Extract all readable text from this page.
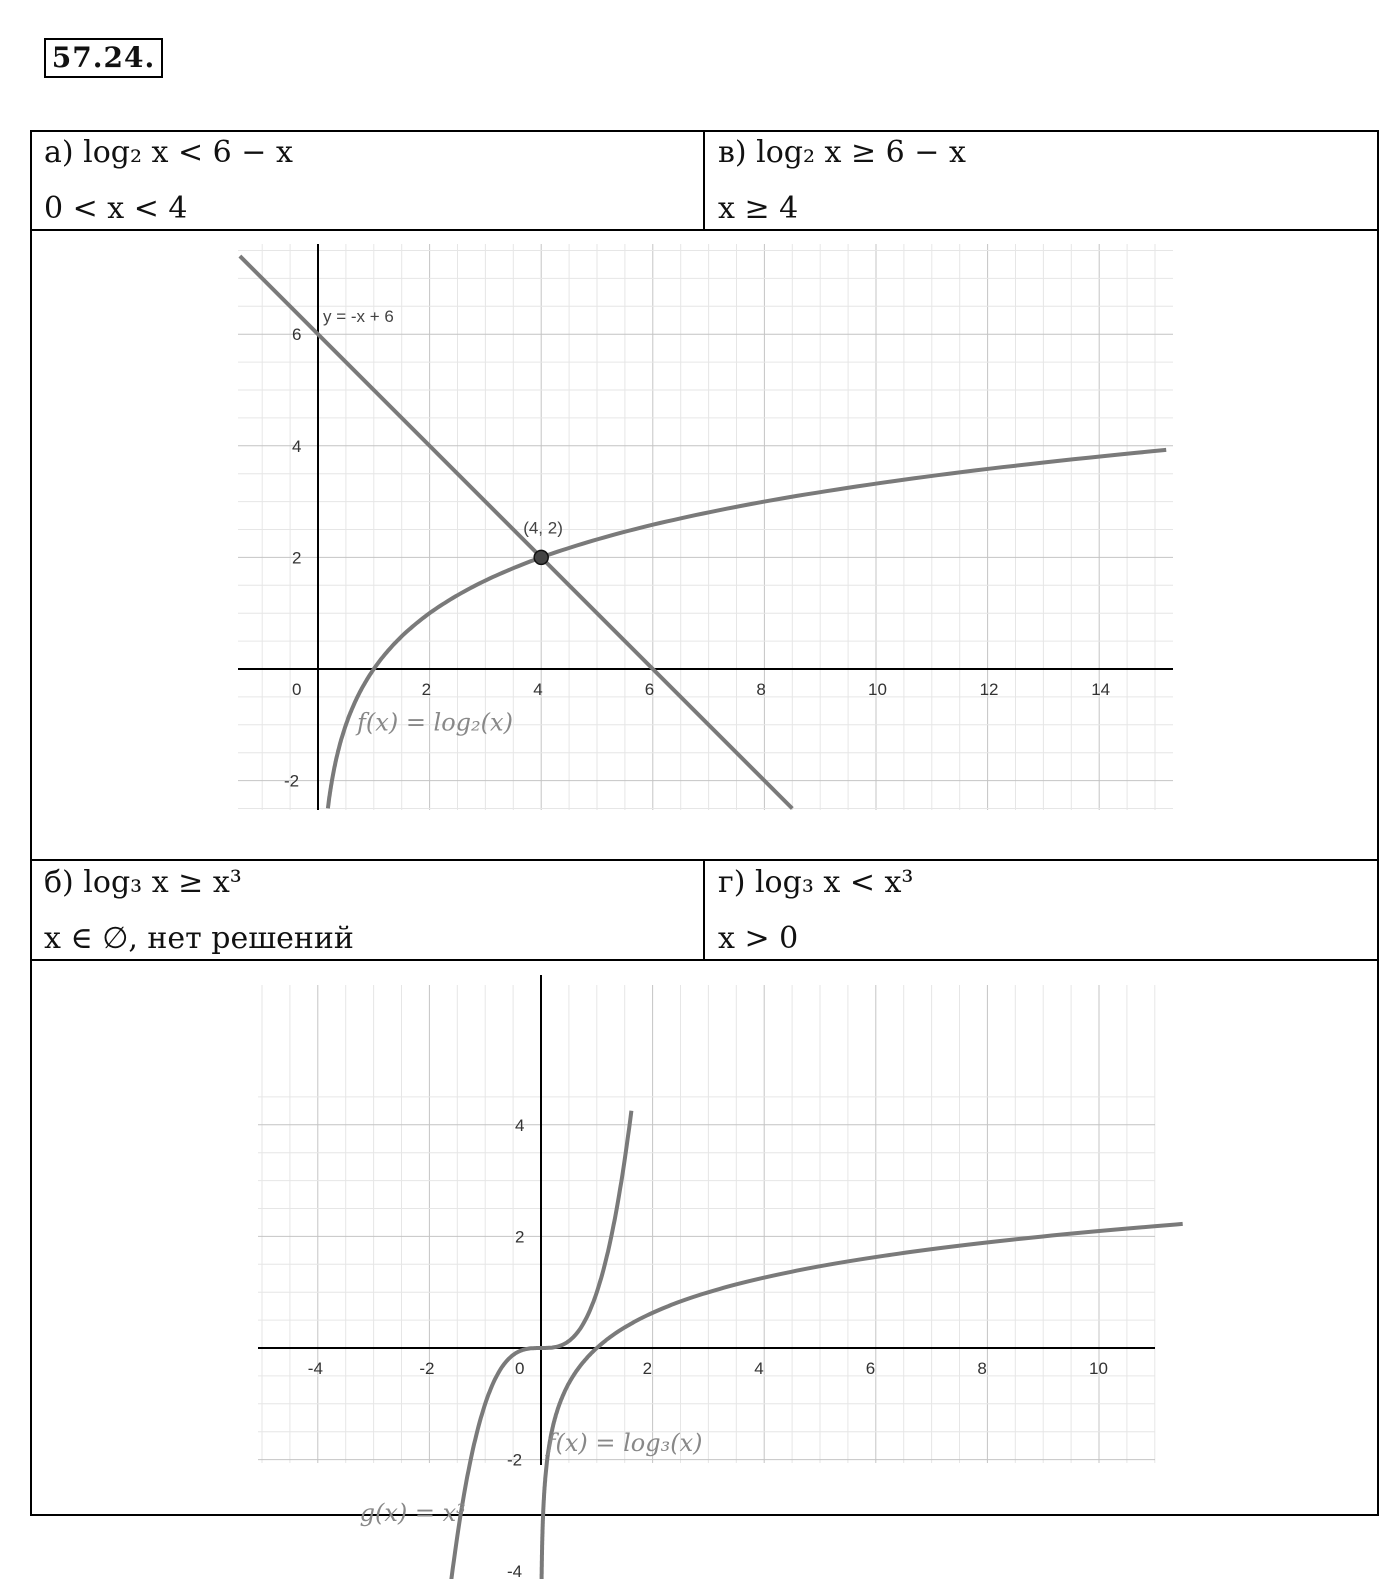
57.24.
а) log₂ x < 6 − x
0 < x < 4
в) log₂ x ≥ 6 − x
x ≥ 4
0	2	4	6	8	10	12	14
6
4
2
-2
(4, 2)
y = -x + 6
f(x) = log₂(x)
б) log₃ x ≥ x³
x ∈ ∅, нет решений
г) log₃ x < x³
x > 0
-4	-2	0	2	4	6	8	10
4
2
-2
-4
f(x) = log₃(x)
g(x) = x³
